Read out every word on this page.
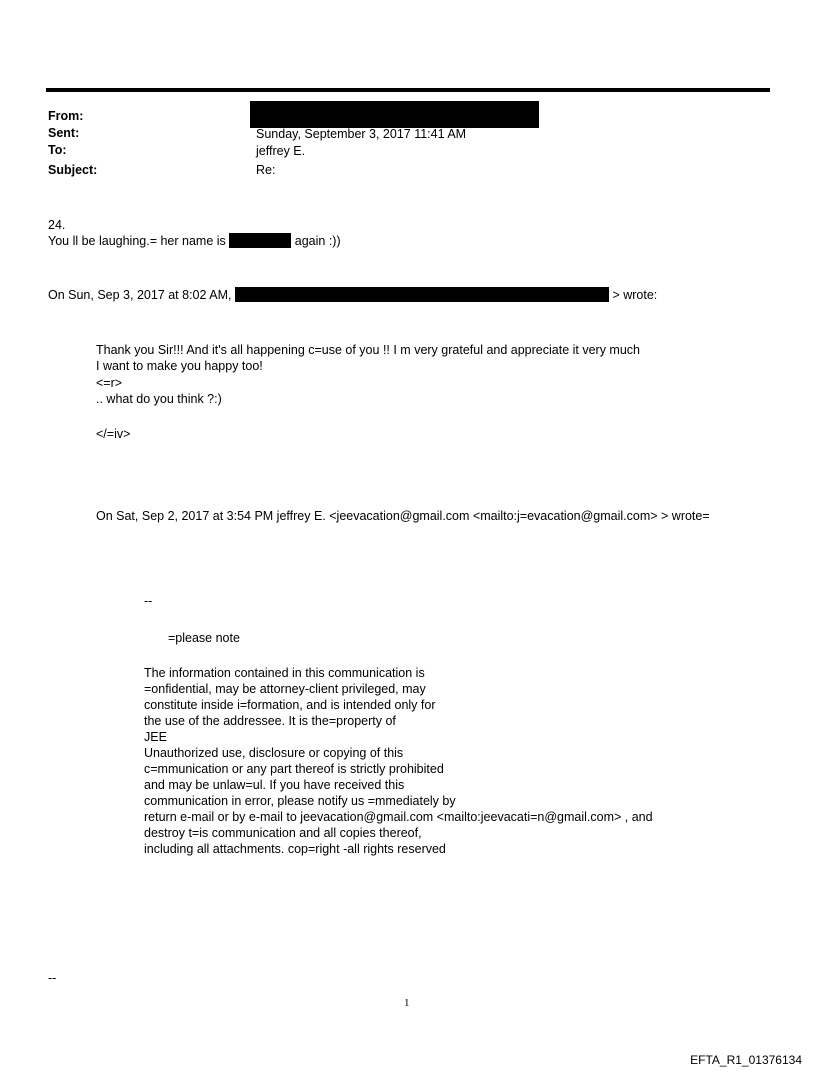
From:
Sent:
To:
Subject:
Sunday, September 3, 2017 11:41 AM
jeffrey E.
Re:
24.
You ll be laughing.= her name is	again :))
On Sun, Sep 3, 2017 at 8:02 AM,	> wrote:
Thank you Sir!!! And it's all happening c=use of you !! I m very grateful and appreciate it very much
I want to make you happy too!
<=r>
.. what do you think ?:)
</=iv>
On Sat, Sep 2, 2017 at 3:54 PM jeffrey E. <jeevacation@gmail.com <mailto:j=evacation@gmail.com> > wrote=
--
=please note
The information contained in this communication is
=onfidential, may be attorney-client privileged, may
constitute inside i=formation, and is intended only for
the use of the addressee. It is the=property of
JEE
Unauthorized use, disclosure or copying of this
c=mmunication or any part thereof is strictly prohibited
and may be unlaw=ul. If you have received this
communication in error, please notify us =mmediately by
return e-mail or by e-mail to jeevacation@gmail.com <mailto:jeevacati=n@gmail.com> , and
destroy t=is communication and all copies thereof,
including all attachments. cop=right -all rights reserved
--
1
EFTA_R1_01376134
